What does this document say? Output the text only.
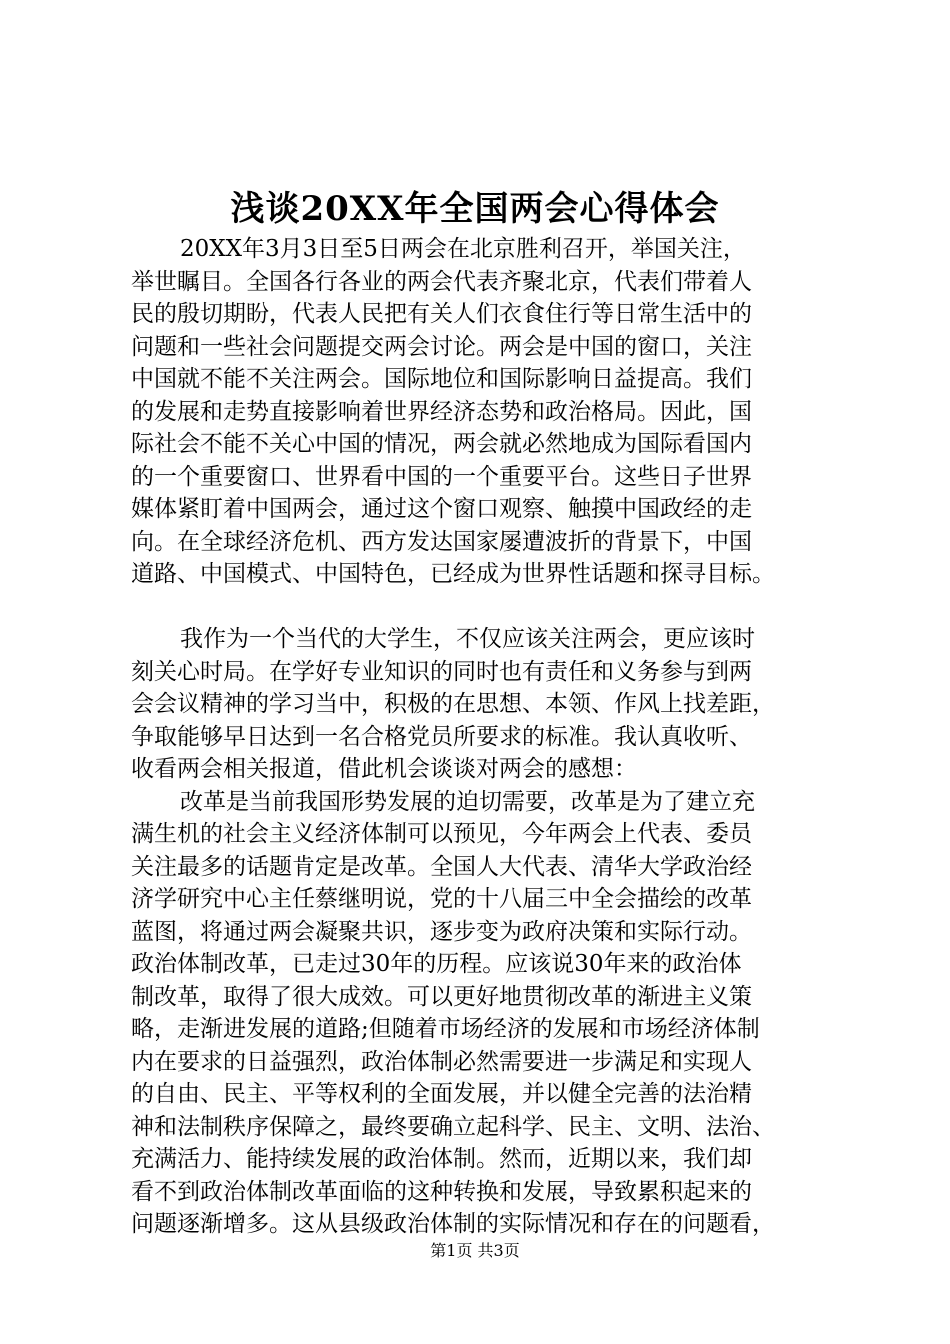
浅谈20XX年全国两会心得体会
20XX年3月3日至5日两会在北京胜利召开，举国关注，
举世瞩目。全国各行各业的两会代表齐聚北京，代表们带着人
民的殷切期盼，代表人民把有关人们衣食住行等日常生活中的
问题和一些社会问题提交两会讨论。两会是中国的窗口，关注
中国就不能不关注两会。国际地位和国际影响日益提高。我们
的发展和走势直接影响着世界经济态势和政治格局。因此，国
际社会不能不关心中国的情况，两会就必然地成为国际看国内
的一个重要窗口、世界看中国的一个重要平台。这些日子世界
媒体紧盯着中国两会，通过这个窗口观察、触摸中国政经的走
向。在全球经济危机、西方发达国家屡遭波折的背景下，中国
道路、中国模式、中国特色，已经成为世界性话题和探寻目标。
我作为一个当代的大学生，不仅应该关注两会，更应该时
刻关心时局。在学好专业知识的同时也有责任和义务参与到两
会会议精神的学习当中，积极的在思想、本领、作风上找差距，
争取能够早日达到一名合格党员所要求的标准。我认真收听、
收看两会相关报道，借此机会谈谈对两会的感想：
改革是当前我国形势发展的迫切需要，改革是为了建立充
满生机的社会主义经济体制可以预见，今年两会上代表、委员
关注最多的话题肯定是改革。全国人大代表、清华大学政治经
济学研究中心主任蔡继明说，党的十八届三中全会描绘的改革
蓝图，将通过两会凝聚共识，逐步变为政府决策和实际行动。
政治体制改革，已走过30年的历程。应该说30年来的政治体
制改革，取得了很大成效。可以更好地贯彻改革的渐进主义策
略，走渐进发展的道路;但随着市场经济的发展和市场经济体制
内在要求的日益强烈，政治体制必然需要进一步满足和实现人
的自由、民主、平等权利的全面发展，并以健全完善的法治精
神和法制秩序保障之，最终要确立起科学、民主、文明、法治、
充满活力、能持续发展的政治体制。然而，近期以来，我们却
看不到政治体制改革面临的这种转换和发展，导致累积起来的
问题逐渐增多。这从县级政治体制的实际情况和存在的问题看，
第1页 共3页
